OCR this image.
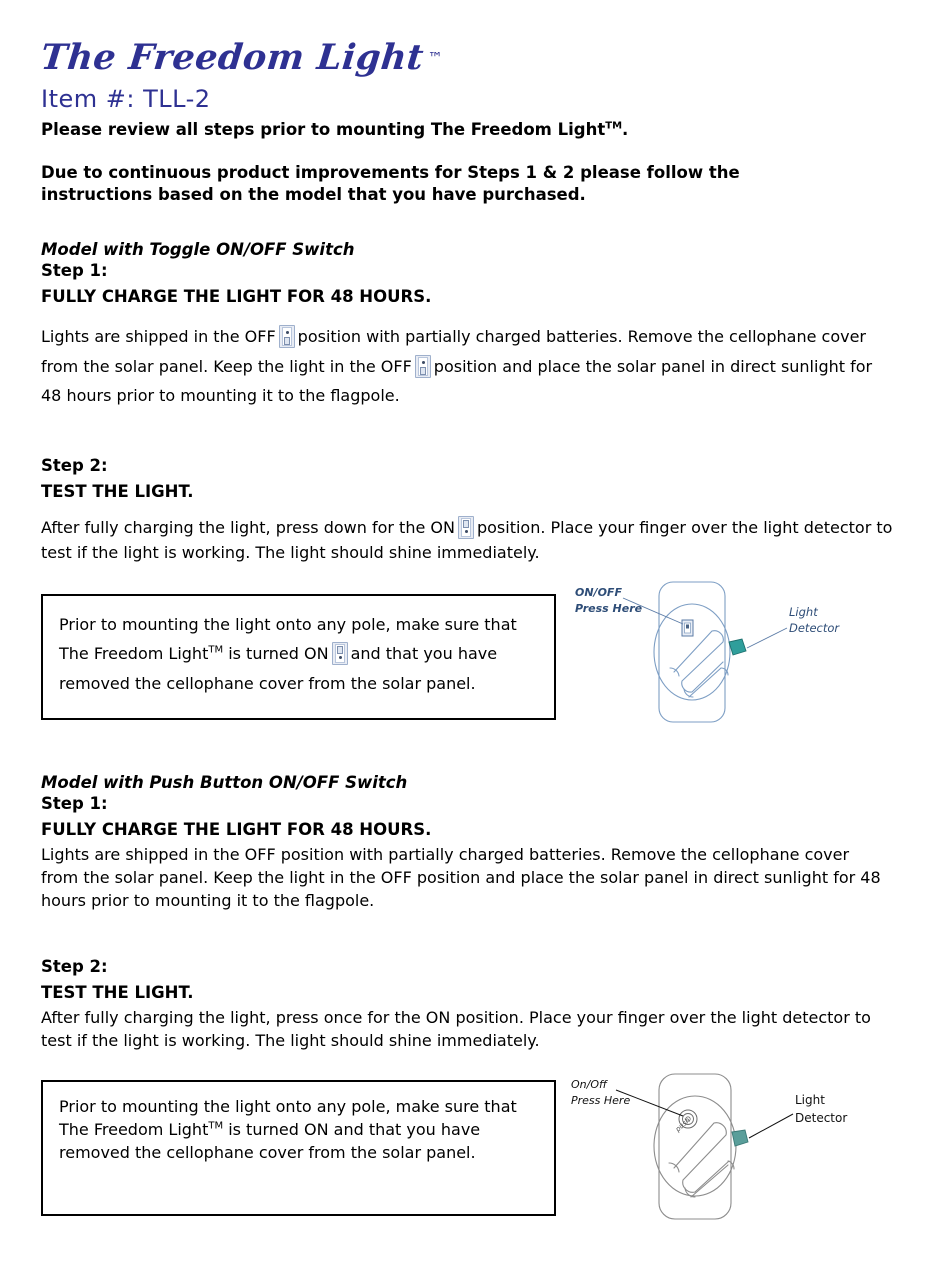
The Freedom Light ™
Item #: TLL-2
Please review all steps prior to mounting The Freedom Light™.
Due to continuous product improvements for Steps 1 & 2 please follow the instructions based on the model that you have purchased.
Model with Toggle ON/OFF Switch
Step 1:
FULLY CHARGE THE LIGHT FOR 48 HOURS.
Lights are shipped in the OFF position with partially charged batteries. Remove the cellophane cover from the solar panel. Keep the light in the OFF position and place the solar panel in direct sunlight for 48 hours prior to mounting it to the flagpole.
Step 2:
TEST THE LIGHT.
After fully charging the light, press down for the ON position. Place your finger over the light detector to test if the light is working. The light should shine immediately.

Prior to mounting the light onto any pole, make sure that The Freedom Light™ is turned ON and that you have removed the cellophane cover from the solar panel.

ON/OFF
Press Here	Light
Detector
Model with Push Button ON/OFF Switch
Step 1:
FULLY CHARGE THE LIGHT FOR 48 HOURS.
Lights are shipped in the OFF position with partially charged batteries. Remove the cellophane cover from the solar panel. Keep the light in the OFF position and place the solar panel in direct sunlight for 48 hours prior to mounting it to the flagpole.
Step 2:
TEST THE LIGHT.
After fully charging the light, press once for the ON position. Place your finger over the light detector to test if the light is working. The light should shine immediately.

Prior to mounting the light onto any pole, make sure that The Freedom Light™ is turned ON and that you have removed the cellophane cover from the solar panel.

push
On/Off
Press Here	Light
Detector
